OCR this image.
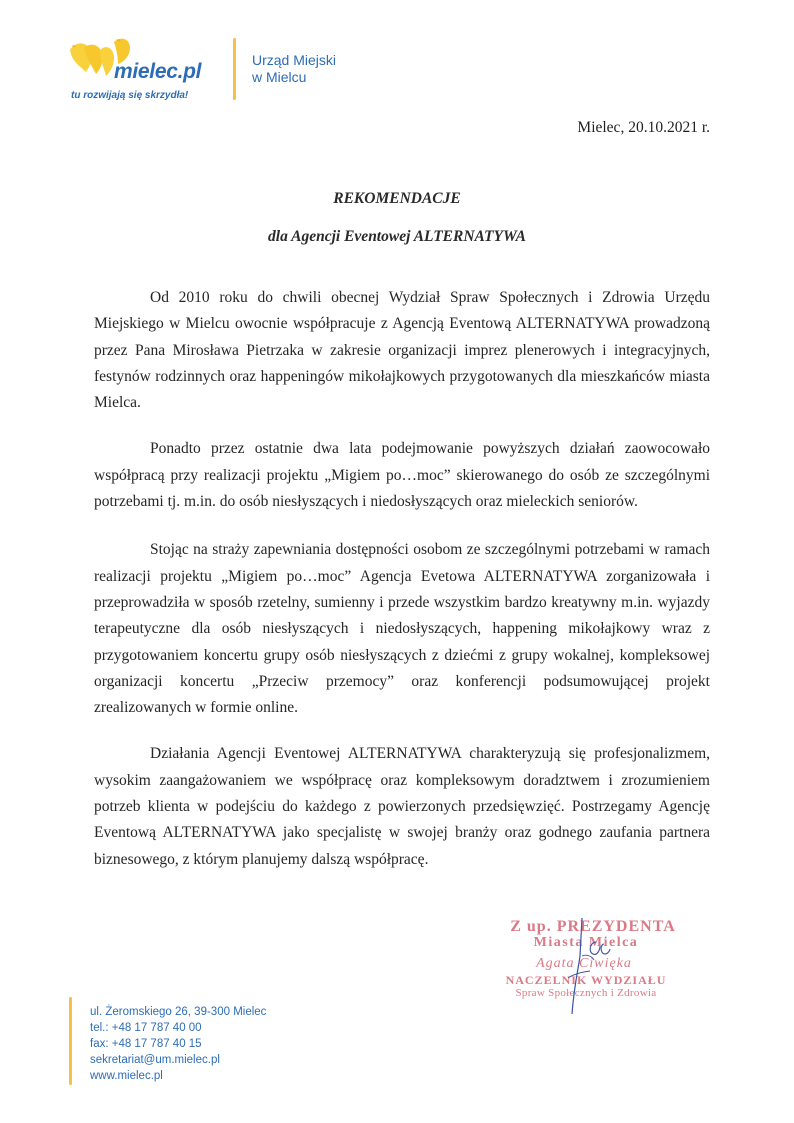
mielec.pl
tu rozwijają się skrzydła!
Urząd Miejski
w Mielcu
Mielec, 20.10.2021 r.
REKOMENDACJE
dla Agencji Eventowej ALTERNATYWA

Od 2010 roku do chwili obecnej Wydział Spraw Społecznych i Zdrowia Urzędu Miejskiego w Mielcu owocnie współpracuje z Agencją Eventową ALTERNATYWA prowadzoną przez Pana Mirosława Pietrzaka w zakresie organizacji imprez plenerowych i integracyjnych, festynów rodzinnych oraz happeningów mikołajkowych przygotowanych dla mieszkańców miasta Mielca.

Ponadto przez ostatnie dwa lata podejmowanie powyższych działań zaowocowało współpracą przy realizacji projektu „Migiem po…moc” skierowanego do osób ze szczególnymi potrzebami tj. m.in. do osób niesłyszących i niedosłyszących oraz mieleckich seniorów.

Stojąc na straży zapewniania dostępności osobom ze szczególnymi potrzebami w ramach realizacji projektu „Migiem po…moc” Agencja Evetowa ALTERNATYWA zorganizowała i przeprowadziła w sposób rzetelny, sumienny i przede wszystkim bardzo kreatywny m.in. wyjazdy terapeutyczne dla osób niesłyszących i niedosłyszących, happening mikołajkowy wraz z przygotowaniem koncertu grupy osób niesłyszących z dziećmi z grupy wokalnej, kompleksowej organizacji koncertu „Przeciw przemocy” oraz konferencji podsumowującej projekt zrealizowanych w formie online.

Działania Agencji Eventowej ALTERNATYWA charakteryzują się profesjonalizmem, wysokim zaangażowaniem we współpracę oraz kompleksowym doradztwem i zrozumieniem potrzeb klienta w podejściu do każdego z powierzonych przedsięwzięć. Postrzegamy Agencję Eventową ALTERNATYWA jako specjalistę w swojej branży oraz godnego zaufania partnera biznesowego, z którym planujemy dalszą współpracę.

Z up. PREZYDENTA
Miasta Mielca
Agata Ciwięka
NACZELNIK WYDZIAŁU
Spraw Społecznych i Zdrowia
ul. Żeromskiego 26, 39-300 Mielec
tel.: +48 17 787 40 00
fax: +48 17 787 40 15
sekretariat@um.mielec.pl
www.mielec.pl
